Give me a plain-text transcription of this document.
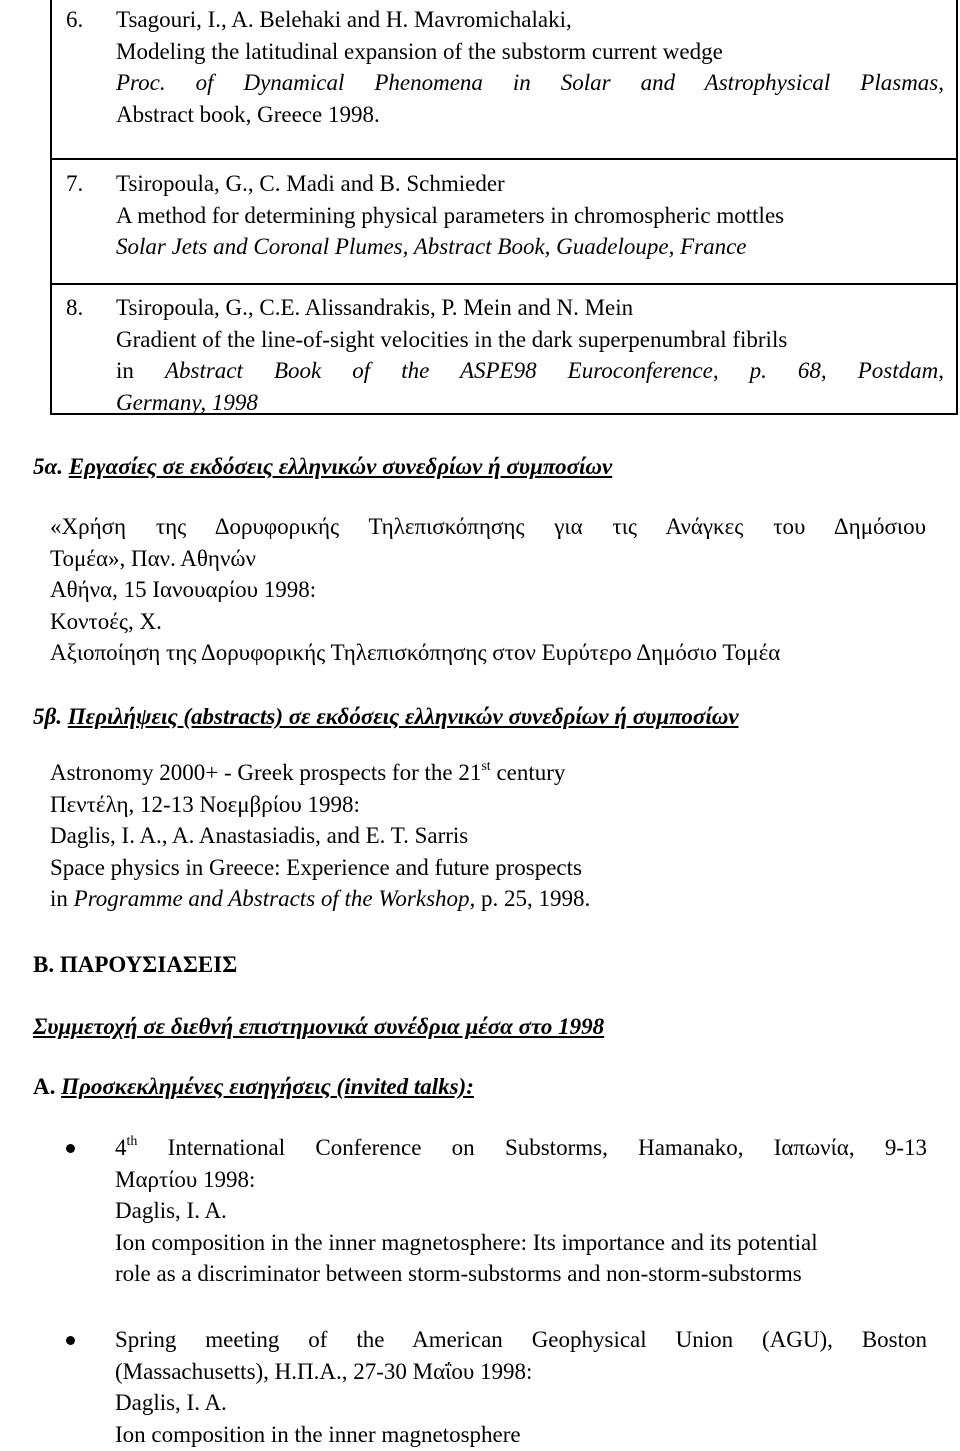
6. Tsagouri, I., A. Belehaki and H. Mavromichalaki,
Modeling the latitudinal expansion of the substorm current wedge
Proc. of Dynamical Phenomena in Solar and Astrophysical Plasmas,
Abstract book, Greece 1998.
7. Tsiropoula, G., C. Madi and B. Schmieder
A method for determining physical parameters in chromospheric mottles
Solar Jets and Coronal Plumes, Abstract Book, Guadeloupe, France
8. Tsiropoula, G., C.E. Alissandrakis, P. Mein and N. Mein
Gradient of the line-of-sight velocities in the dark superpenumbral fibrils
in Abstract Book of the ASPE98 Euroconference, p. 68, Postdam,
Germany, 1998
5α. Εργασίες σε εκδόσεις ελληνικών συνεδρίων ή συμποσίων
«Χρήση της Δορυφορικής Τηλεπισκόπησης για τις Ανάγκες του Δημόσιου
Τομέα», Παν. Αθηνών
Αθήνα, 15 Ιανουαρίου 1998:
Κοντοές, Χ.
Αξιοποίηση της Δορυφορικής Τηλεπισκόπησης στον Ευρύτερο Δημόσιο Τομέα
5β. Περιλήψεις (abstracts) σε εκδόσεις ελληνικών συνεδρίων ή συμποσίων
Astronomy 2000+ - Greek prospects for the 21st century
Πεντέλη, 12-13 Νοεμβρίου 1998:
Daglis, I. A., A. Anastasiadis, and E. T. Sarris
Space physics in Greece: Experience and future prospects
in Programme and Abstracts of the Workshop, p. 25, 1998.
Β. ΠΑΡΟΥΣΙΑΣΕΙΣ
Συμμετοχή σε διεθνή επιστημονικά συνέδρια μέσα στο 1998
Α. Προσκεκλημένες εισηγήσεις (invited talks):
4th International Conference on Substorms, Hamanako, Ιαπωνία, 9-13
Μαρτίου 1998:
Daglis, I. A.
Ion composition in the inner magnetosphere: Its importance and its potential
role as a discriminator between storm-substorms and non-storm-substorms
Spring meeting of the American Geophysical Union (AGU), Boston
(Massachusetts), Η.Π.Α., 27-30 Μαΐου 1998:
Daglis, I. A.
Ion composition in the inner magnetosphere
